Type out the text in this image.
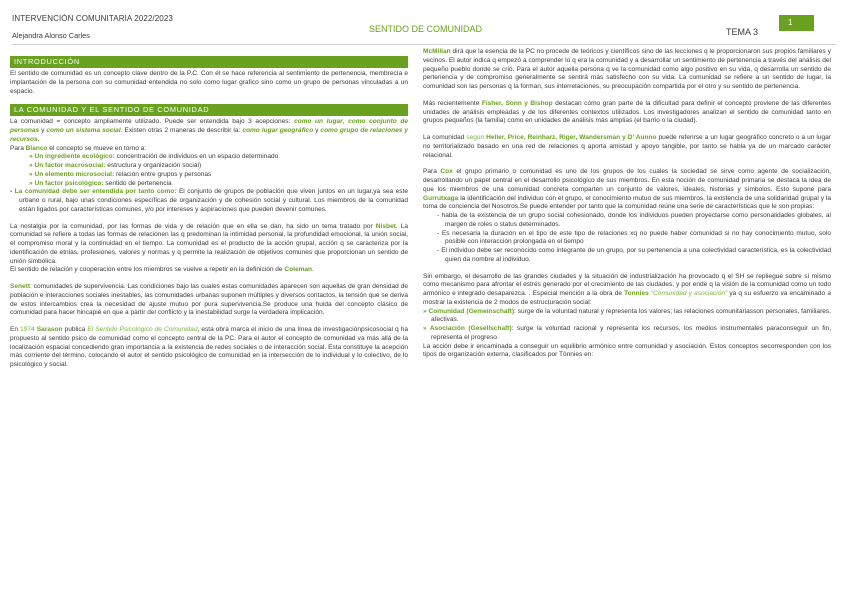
INTERVENCIÓN COMUNITARIA 2022/2023
Alejandra Alonso Carles
SENTIDO DE COMUNIDAD	TEMA 3
1
INTRODUCCIÓN
El sentido de comunidad es un concepto clave dentro de la P.C. Con él se hace referencia al sentimiento de pertenencia, membrecía e implantación de la persona con su comunidad entendida no solo como lugar grafico sino como un grupo de personas vinculadas a un espacio.
LA COMUNIDAD Y EL SENTIDO DE COMUNIDAD
La comunidad = concepto ampliamente utilizado. Puede ser entendida bajo 3 acepciones: como un lugar, como conjunto de personas y como un sistema social. Existen otras 2 maneras de describir la: como lugar geográfico y como grupo de relaciones y recursos.
Para Blanco el concepto se mueve en torno a:
» Un ingrediente ecológico: concentración de individuos en un espacio determinado
» Un factor macrosocial: estructura y organización social)
» Un elemento microsocial: relación entre grupos y personas
» Un factor psicológico: sentido de pertenencia
- La comunidad debe ser entendida por tanto como: El conjunto de grupos de población que viven juntos en un lugar,ya sea este urbano o rural, bajo unas condiciones específicas de organización y de cohesión social y cultural. Los miembros de la comunidad están ligados por características comunes, y/o por intereses y aspiraciones que pueden devenir comunes.
La nostalgia por la comunidad, por las formas de vida y de relación que en ella se dan, ha sido un tema tratado por Nisbet. La comunidad se refiere a todas las formas de relaciónen las q predominan la intimidad personal, la profundidad emocional, la unión social, el compromiso moral y la continuidad en el tiempo. La comunidad es el producto de la acción grupal, acción q se caracteriza por la identificación de etnias, profesiones, valores y normas y q permite la realización de objetivos comunes que proporcionan un sentido de unión simbólica.
El sentido de relación y cooperación entre los miembros se vuelve a repetir en la definición de Coleman.
Senett: comunidades de supervivencia. Las condiciones bajo las cuales estas comunidades aparecen son aquellas de gran densidad de población e interacciones sociales inestables, las comunidades urbanas suponen múltiples y diversos contactos, la tensión que se deriva de estos intercambios crea la necesidad de ajuste mutuo por pura supervivencia.Se produce una huida del concepto clásico de comunidad para hacer hincapié en que a partir del conflicto y la inestabilidad surge la verdadera implicación.
En 1974 Sarason publica El Sentido Psicológico de Comunidad, esta obra marca el inicio de una línea de investigaciónpsicosocial q ha propuesto al sentido psico de comunidad como el concepto central de la PC. Para el autor el concepto de comunidad va más allá de la localización espacial concediendo gran importancia a la existencia de redes sociales o de interacción social. Esta constituye la acepción más corriente del término, colocando el autor el sentido psicológico de comunidad en la intersección de lo individual y lo colectivo, de lo psicológico y social.
McMillan dirá que la esencia de la PC no procede de teóricos y científicos sino de las lecciones q le proporcionaron sus propios familiares y vecinos. El autor indica q empezó a comprender lo q era la comunidad y a desarrollar un sentimiento de pertenencia a través del análisis del pequeño pueblo donde se crió. Para el autor aquella persona q ve la comunidad como algo positivo en su vida, q desarrolla un sentido de pertenencia y de compromiso generalmente se sentirá más satisfecho con su vida. La comunidad se refiere a un sentido de lugar, la comunidad son las personas q la forman, sus interrelaciones, su preocupación compartida por el otro y su sentido de pertenencia.
Más recientemente Fisher, Sonn y Bishop destacan cómo gran parte de la dificultad para definir el concepto proviene de las diferentes unidades de análisis empleadas y de los diferentes contextos utilizados. Los investigadores analizan el sentido de comunidad tanto en grupos pequeños (la familia) como en unidades de análisis más amplias (el barrio o la ciudad).
La comunidad según Heller, Price, Reinharz, Riger, Wandersman y D’ Aunno puede referirse a un lugar geográfico concreto o a un lugar no territorializado basado en una red de relaciones q aporta amistad y apoyo tangible, por tanto se habla ya de un marcado carácter relacional.
Para Cox el grupo primario o comunidad es uno de los grupos de los cuales la sociedad se sirve como agente de socialización, desarrollando un papel central en el desarrollo psicológico de sus miembros. En esta noción de comunidad primaria se destaca la idea de que los miembros de una comunidad concreta comparten un conjunto de valores, ideales, historias y símbolos. Esto supone para Gurrutxaga la identificación del individuo con el grupo, el conocimiento mutuo de sus miembros, la existencia de una solidaridad grupal y la toma de conciencia del Nosotros.Se puede entender por tanto que la comunidad reúne una serie de características que le son propias:
- habla de la existencia de un grupo social cohesionado, donde los individuos pueden proyectarse como personalidades globales, al margen de roles o status determinados.
- Es necesaria la duración en el tipo de este tipo de relaciones xq no puede haber comunidad si no hay conocimiento mutuo, solo posible con interacción prolongada en el tiempo
- El individuo debe ser reconocido como integrante de un grupo, por su pertenencia a una colectividad característica, es la colectividad quien da nombre al individuo.
Sin embargo, el desarrollo de las grandes ciudades y la situación de industrialización ha provocado q el SH se repliegue sobre sí mismo como mecanismo para afrontar el estrés generado por el crecimiento de las ciudades, y por ende q la visión de la comunidad como un todo armónico e integrado desaparezca. . Especial mención a la obra de Tonnies “Comunidad y asociación” ya q su esfuerzo va encaminado a mostrar la existencia de 2 modos de estructuración social:
» Comunidad (Gemeinschaft): surge de la voluntad natural y representa los valores; las relaciones comunitariasson personales, familiares, afectivas.
» Asociación (Gesellschaft): surge la voluntad racional y representa los recursos, los medios instrumentales paraconseguir un fin, representa el progreso.
La acción debe ir encaminada a conseguir un equilibrio armónico entre comunidad y asociación. Estos conceptos secorresponden con los tipos de organización externa, clasificados por Tönnies en:
